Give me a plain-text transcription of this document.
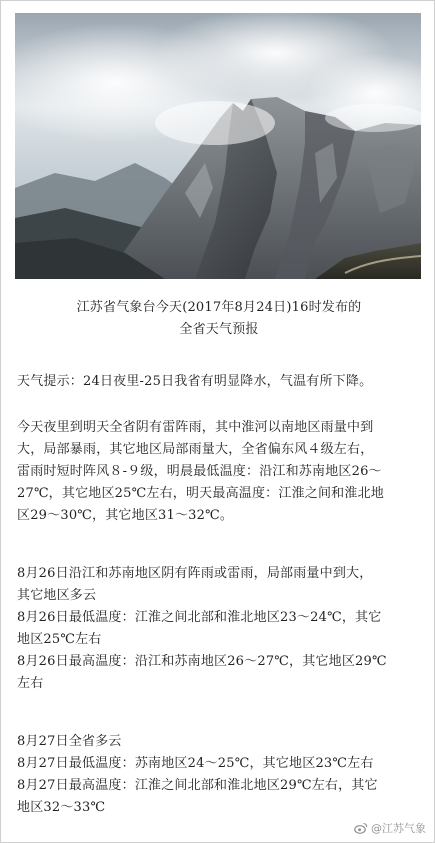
江苏省气象台今天(2017年8月24日)16时发布的
全省天气预报
天气提示：24日夜里-25日我省有明显降水，气温有所下降。
今天夜里到明天全省阴有雷阵雨，其中淮河以南地区雨量中到
大，局部暴雨，其它地区局部雨量大，全省偏东风４级左右，
雷雨时短时阵风８-９级，明晨最低温度：沿江和苏南地区26～
27℃，其它地区25℃左右，明天最高温度：江淮之间和淮北地
区29～30℃，其它地区31～32℃。
8月26日沿江和苏南地区阴有阵雨或雷雨，局部雨量中到大，
其它地区多云
8月26日最低温度：江淮之间北部和淮北地区23～24℃，其它
地区25℃左右
8月26日最高温度：沿江和苏南地区26～27℃，其它地区29℃
左右
8月27日全省多云
8月27日最低温度：苏南地区24～25℃，其它地区23℃左右
8月27日最高温度：江淮之间北部和淮北地区29℃左右，其它
地区32～33℃
@江苏气象
